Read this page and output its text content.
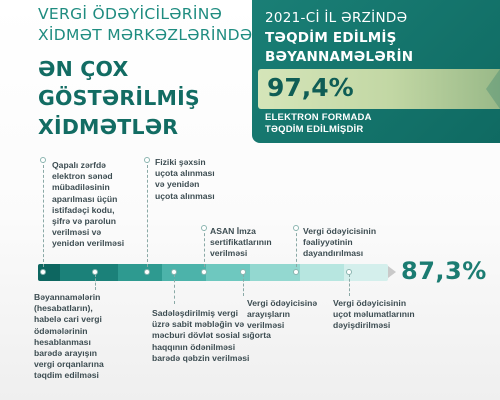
VERGİ ÖDƏYİCİLƏRİNƏ
XİDMƏT MƏRKƏZLƏRİNDƏ
ƏN ÇOX
GÖSTƏRİLMİŞ
XİDMƏTLƏR
2021-Cİ İL ƏRZİNDƏ
TƏQDİM EDİLMİŞ
BƏYANNAMƏLƏRİN
97,4%
ELEKTRON FORMADA
TƏQDİM EDİLMİŞDİR
87,3%
Qapalı zərfdə
elektron sənəd
mübadiləsinin
aparılması üçün
istifadəçi kodu,
şifrə və parolun
verilməsi və
yenidən verilməsi
Fiziki şəxsin
uçota alınması
və yenidən
uçota alınması
ASAN İmza
sertifikatlarının
verilməsi
Vergi ödəyicisinin
fəaliyyətinin
dayandırılması
Bəyannamələrin
(hesabatların),
habelə cari vergi
ödəmələrinin
hesablanması
barədə arayışın
vergi orqanlarına
təqdim edilməsi
Sadələşdirilmiş vergi
üzrə sabit məbləğin və
məcburi dövlət sosial sığorta
haqqının ödənilməsi
barədə qəbzin verilməsi
Vergi ödəyicisinə
arayışların
verilməsi
Vergi ödəyicisinin
uçot məlumatlarının
dəyişdirilməsi
